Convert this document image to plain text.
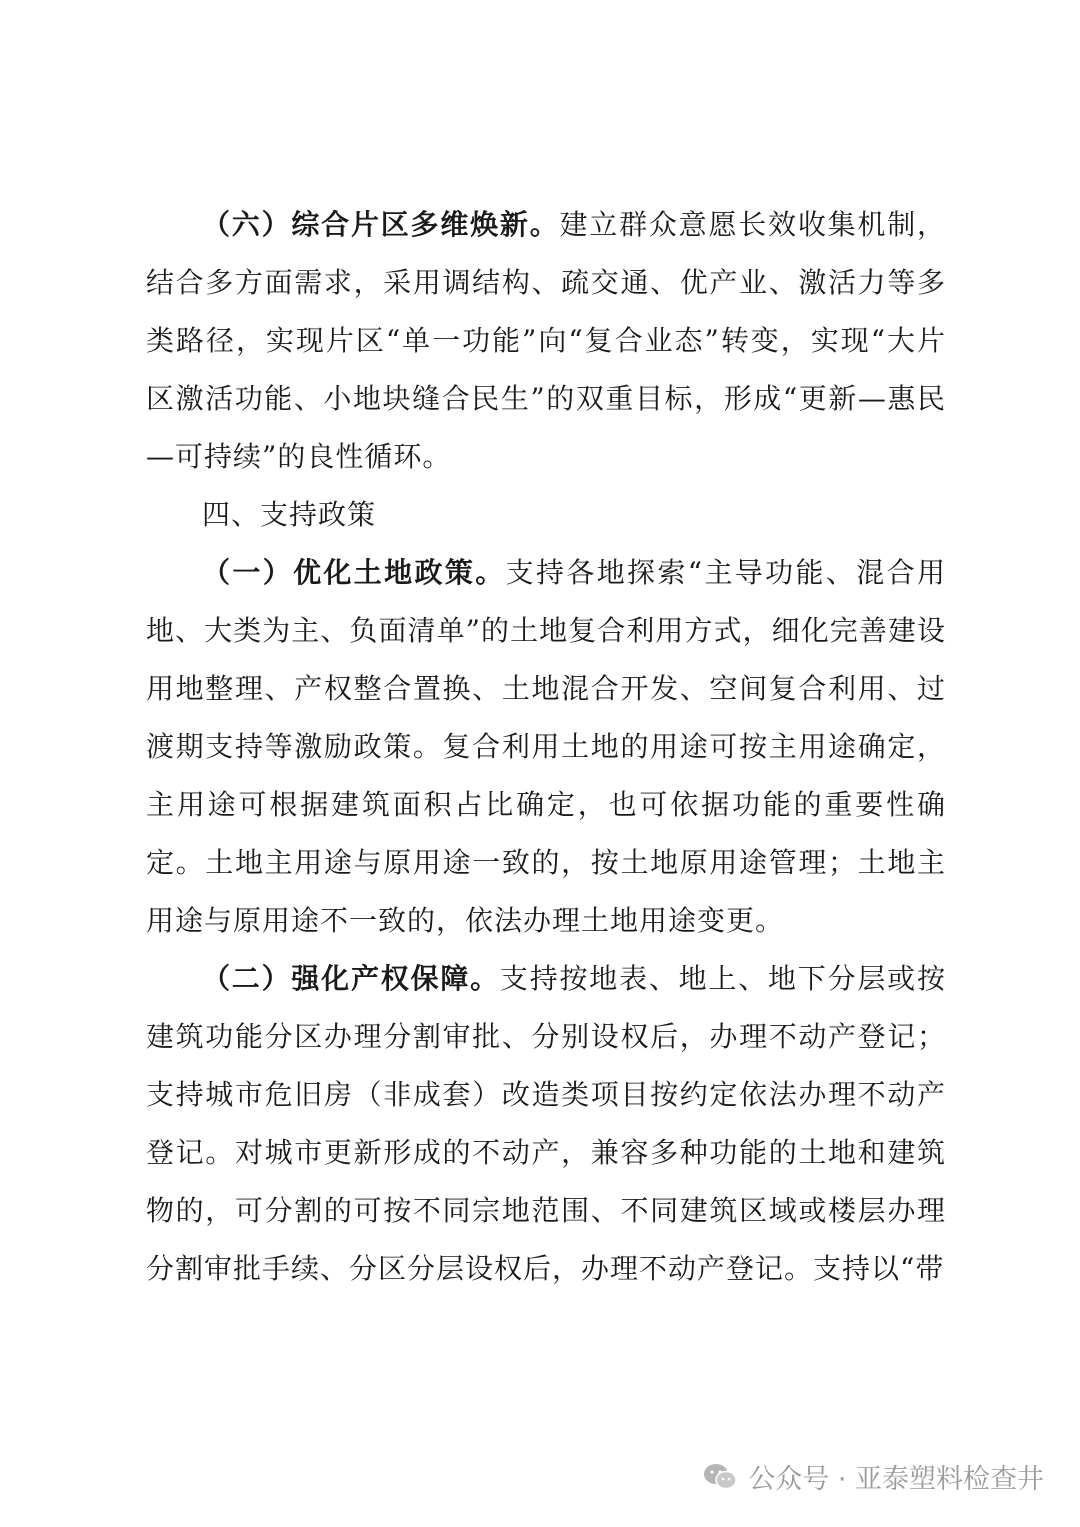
（六）综合片区多维焕新。建立群众意愿长效收集机制，结合多方面需求，采用调结构、疏交通、优产业、激活力等多类路径，实现片区“单一功能”向“复合业态”转变，实现“大片区激活功能、小地块缝合民生”的双重目标，形成“更新—惠民—可持续”的良性循环。

四、支持政策

（一）优化土地政策。支持各地探索“主导功能、混合用地、大类为主、负面清单”的土地复合利用方式，细化完善建设用地整理、产权整合置换、土地混合开发、空间复合利用、过渡期支持等激励政策。复合利用土地的用途可按主用途确定，主用途可根据建筑面积占比确定，也可依据功能的重要性确定。土地主用途与原用途一致的，按土地原用途管理；土地主用途与原用途不一致的，依法办理土地用途变更。

（二）强化产权保障。支持按地表、地上、地下分层或按建筑功能分区办理分割审批、分别设权后，办理不动产登记；支持城市危旧房（非成套）改造类项目按约定依法办理不动产登记。对城市更新形成的不动产，兼容多种功能的土地和建筑物的，可分割的可按不同宗地范围、不同建筑区域或楼层办理分割审批手续、分区分层设权后，办理不动产登记。支持以“带

公众号 · 亚泰塑料检查井
